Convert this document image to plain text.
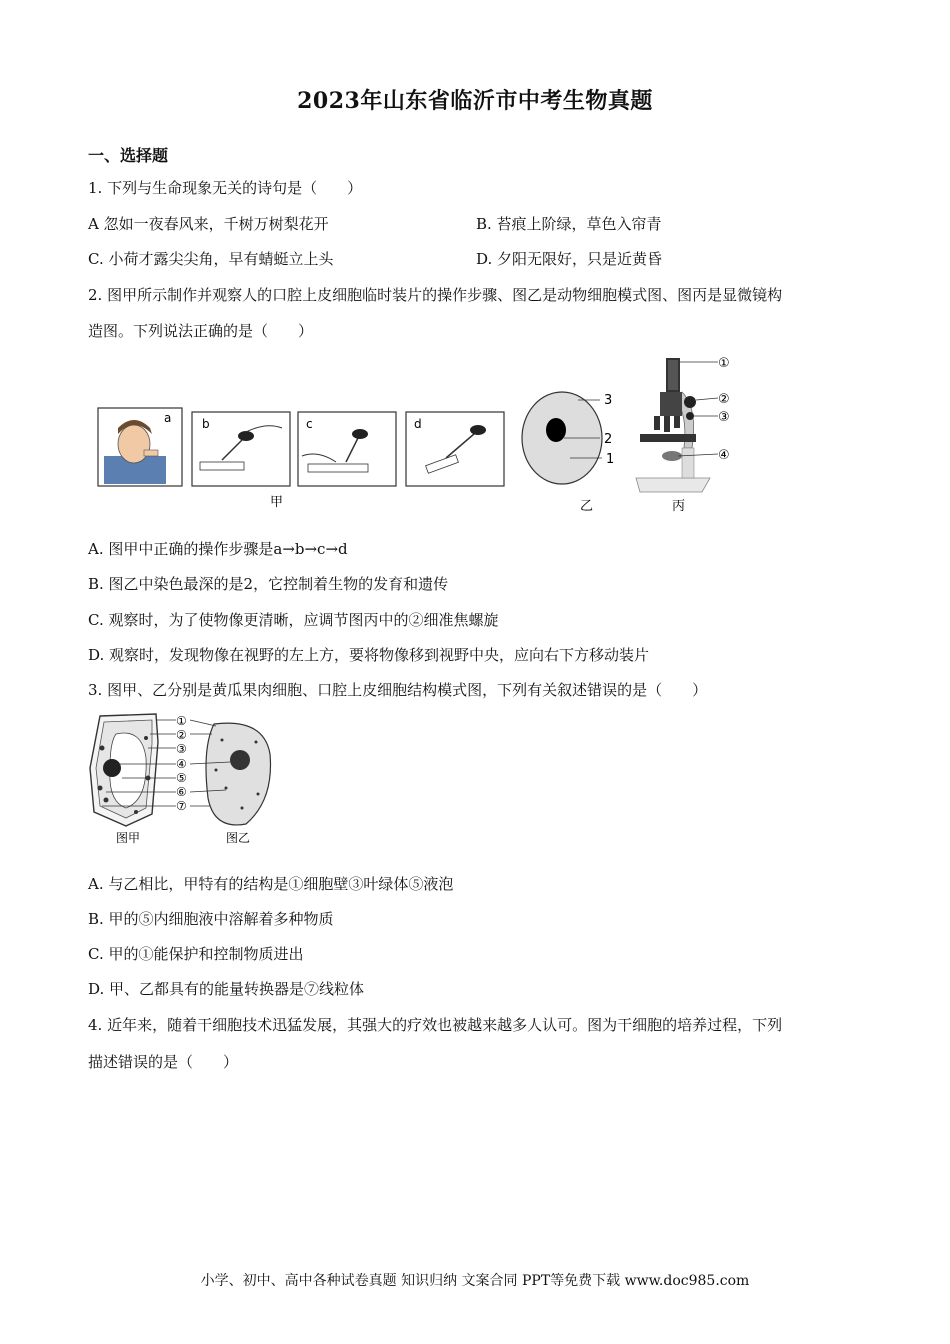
2023年山东省临沂市中考生物真题
一、选择题
1. 下列与生命现象无关的诗句是（　　）
A 忽如一夜春风来，千树万树梨花开	B. 苔痕上阶绿，草色入帘青
C. 小荷才露尖尖角，早有蜻蜓立上头	D. 夕阳无限好，只是近黄昏
2. 图甲所示制作并观察人的口腔上皮细胞临时装片的操作步骤、图乙是动物细胞模式图、图丙是显微镜构
造图。下列说法正确的是（　　）
a	b	c	d
甲
3
2
1
乙
①
②
③
④
丙
A. 图甲中正确的操作步骤是a→b→c→d
B. 图乙中染色最深的是2，它控制着生物的发育和遗传
C. 观察时，为了使物像更清晰，应调节图丙中的②细准焦螺旋
D. 观察时，发现物像在视野的左上方，要将物像移到视野中央，应向右下方移动装片
3. 图甲、乙分别是黄瓜果肉细胞、口腔上皮细胞结构模式图，下列有关叙述错误的是（　　）
①
②
③
④
⑤
⑥
⑦
图甲	图乙
A. 与乙相比，甲特有的结构是①细胞壁③叶绿体⑤液泡
B. 甲的⑤内细胞液中溶解着多种物质
C. 甲的①能保护和控制物质进出
D. 甲、乙都具有的能量转换器是⑦线粒体
4. 近年来，随着干细胞技术迅猛发展，其强大的疗效也被越来越多人认可。图为干细胞的培养过程，下列
描述错误的是（　　）
小学、初中、高中各种试卷真题 知识归纳 文案合同 PPT等免费下载 www.doc985.com
